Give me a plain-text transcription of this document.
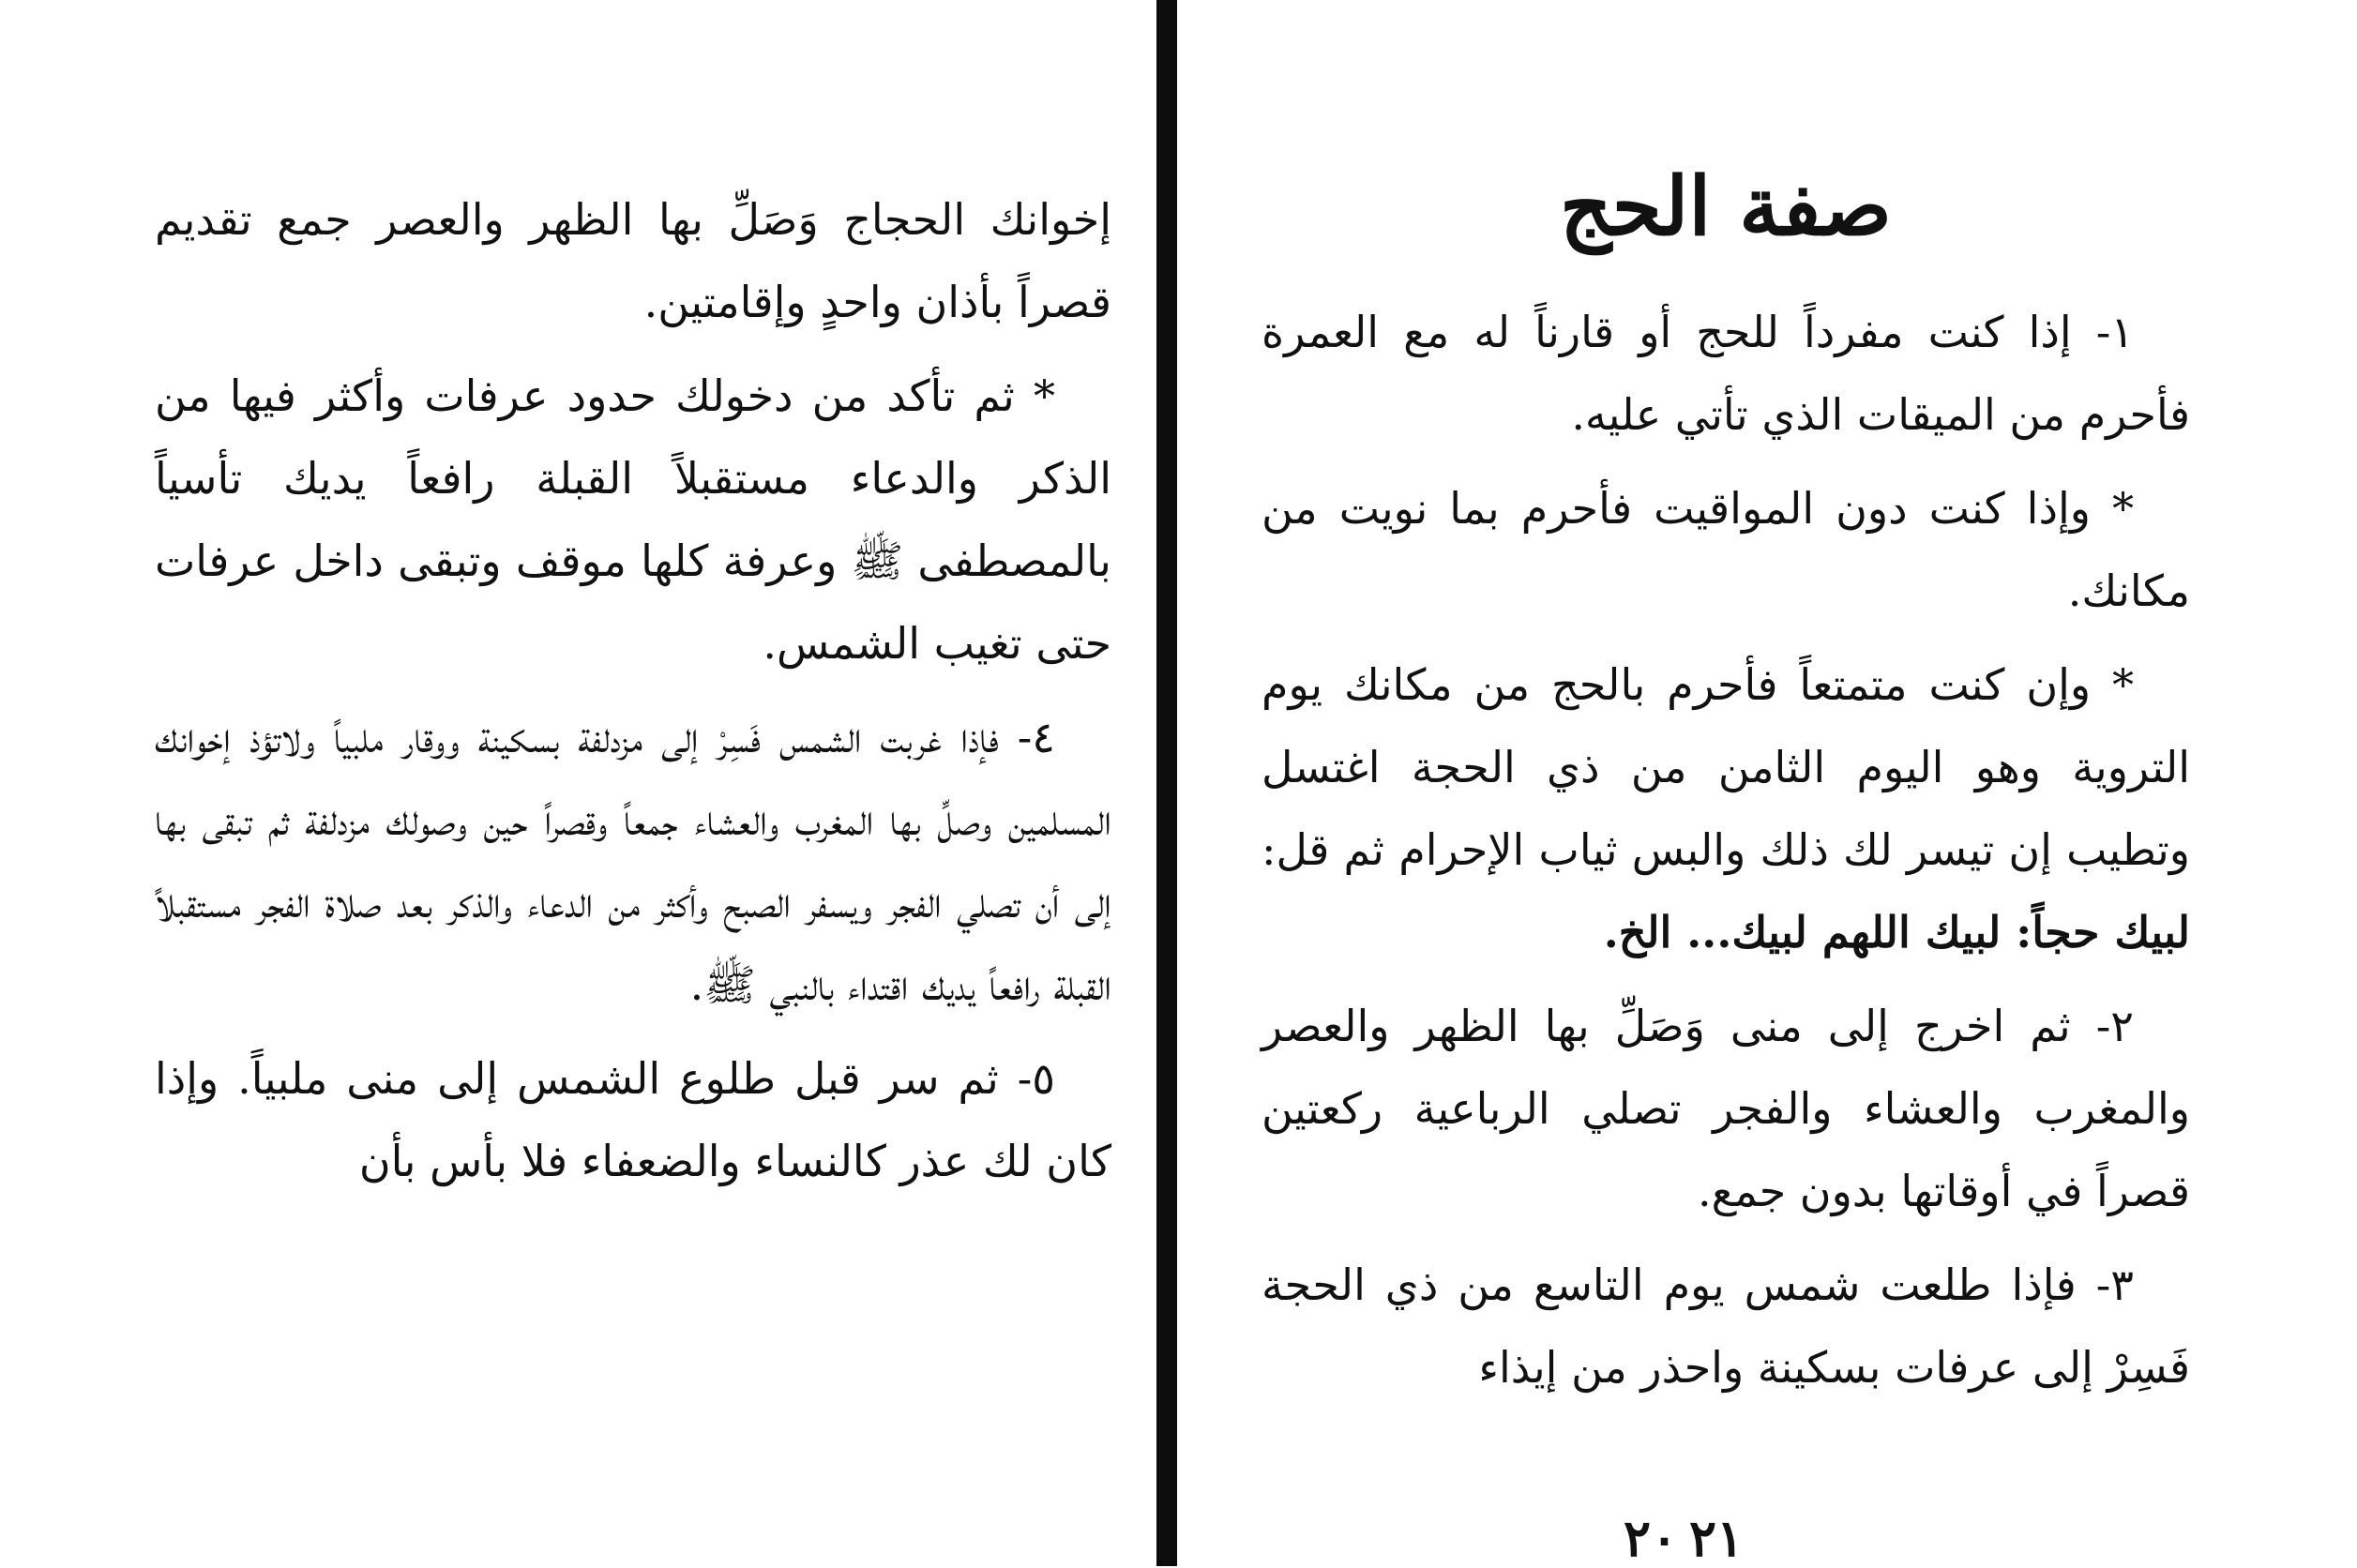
إخوانك الحجاج وَصَلِّ بها الظهر والعصر جمع تقديم قصراً بأذان واحدٍ وإقامتين.

* ثم تأكد من دخولك حدود عرفات وأكثر فيها من الذكر والدعاء مستقبلاً القبلة رافعاً يديك تأسياً بالمصطفى ﷺ وعرفة كلها موقف وتبقى داخل عرفات حتى تغيب الشمس.

٤- فإذا غربت الشمس فَسِرْ إلى مزدلفة بسكينة ووقار ملبياً ولاتؤذ إخوانك المسلمين وصلِّ بها المغرب والعشاء جمعاً وقصراً حين وصولك مزدلفة ثم تبقى بها إلى أن تصلي الفجر ويسفر الصبح وأكثر من الدعاء والذكر بعد صلاة الفجر مستقبلاً القبلة رافعاً يديك اقتداء بالنبي ﷺ.

٥- ثم سر قبل طلوع الشمس إلى منى ملبياً. وإذا كان لك عذر كالنساء والضعفاء فلا بأس بأن

٢١
صفة الحج

١- إذا كنت مفرداً للحج أو قارناً له مع العمرة فأحرم من الميقات الذي تأتي عليه.

* وإذا كنت دون المواقيت فأحرم بما نويت من مكانك.

* وإن كنت متمتعاً فأحرم بالحج من مكانك يوم التروية وهو اليوم الثامن من ذي الحجة اغتسل وتطيب إن تيسر لك ذلك والبس ثياب الإحرام ثم قل: لبيك حجاً: لبيك اللهم لبيك... الخ.

٢- ثم اخرج إلى منى وَصَلِّ بها الظهر والعصر والمغرب والعشاء والفجر تصلي الرباعية ركعتين قصراً في أوقاتها بدون جمع.

٣- فإذا طلعت شمس يوم التاسع من ذي الحجة فَسِرْ إلى عرفات بسكينة واحذر من إيذاء

٢٠
